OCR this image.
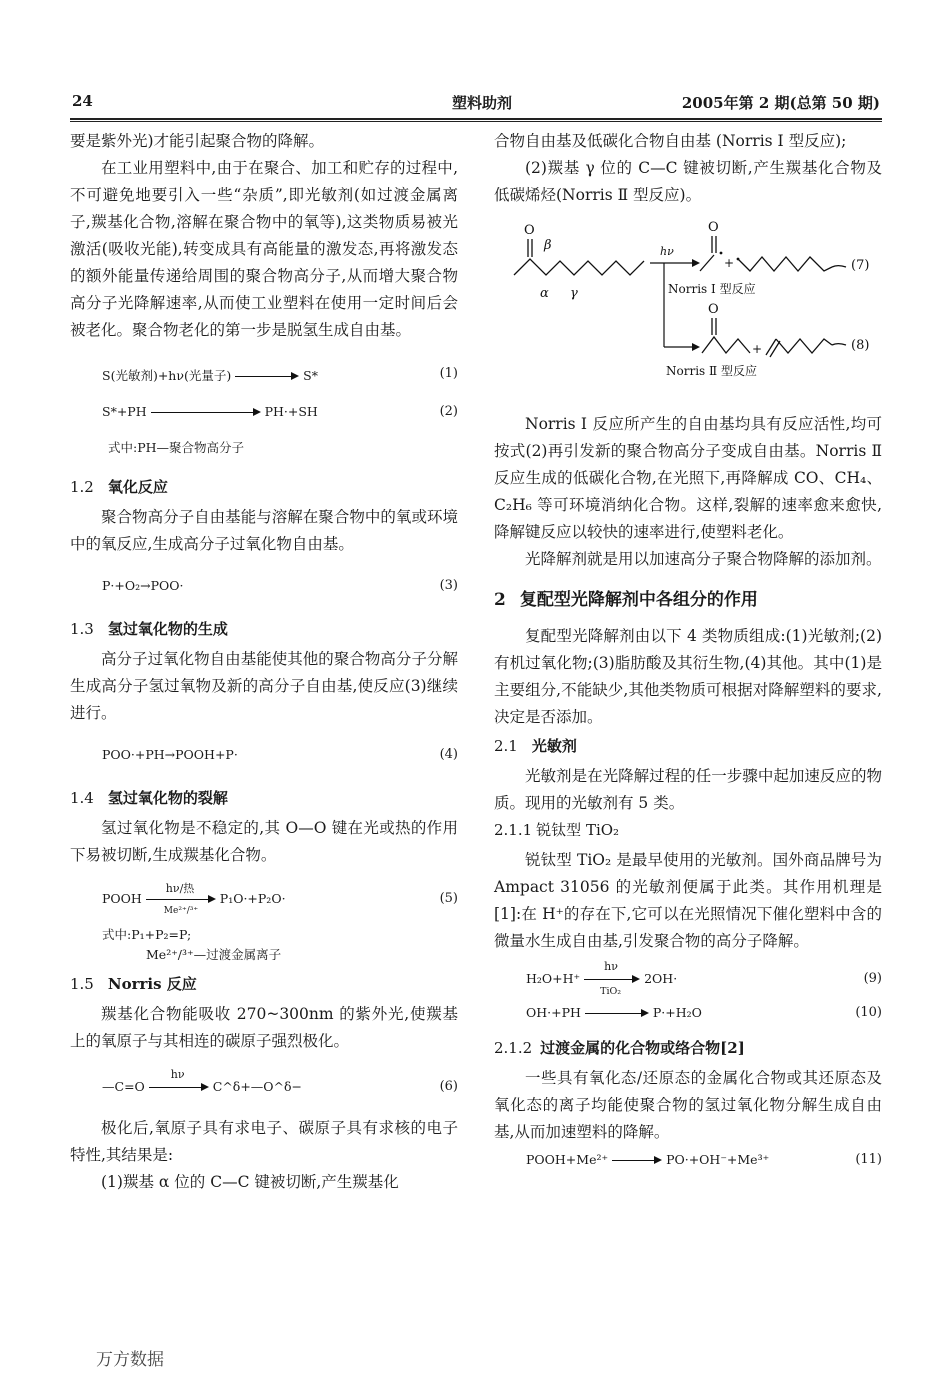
24	塑料助剂	2005年第 2 期(总第 50 期)

要是紫外光)才能引起聚合物的降解。

在工业用塑料中,由于在聚合、加工和贮存的过程中,不可避免地要引入一些“杂质”,即光敏剂(如过渡金属离子,羰基化合物,溶解在聚合物中的氧等),这类物质易被光激活(吸收光能),转变成具有高能量的激发态,再将激发态的额外能量传递给周围的聚合物高分子,从而增大聚合物高分子光降解速率,从而使工业塑料在使用一定时间后会被老化。聚合物老化的第一步是脱氢生成自由基。

S(光敏剂)+hν(光量子)	S*	(1)
S*+PH	PH·+SH	(2)
式中:PH—聚合物高分子
1.2 氧化反应

聚合物高分子自由基能与溶解在聚合物中的氧或环境中的氧反应,生成高分子过氧化物自由基。

P·+O₂→POO·	(3)
1.3 氢过氧化物的生成

高分子过氧化物自由基能使其他的聚合物高分子分解生成高分子氢过氧物及新的高分子自由基,使反应(3)继续进行。

POO·+PH→POOH+P·	(4)
1.4 氢过氧化物的裂解

氢过氧化物是不稳定的,其 O—O 键在光或热的作用下易被切断,生成羰基化合物。

POOH
hν/热
Me²⁺/³⁺
P₁O·+P₂O·	(5)
式中:P₁+P₂=P;
Me²⁺/³⁺—过渡金属离子
1.5 Norris 反应

羰基化合物能吸收 270~300nm 的紫外光,使羰基上的氧原子与其相连的碳原子强烈极化。

—C=O
hν
C^δ+—O^δ−	(6)

极化后,氧原子具有求电子、碳原子具有求核的电子特性,其结果是:

(1)羰基 α 位的 C—C 键被切断,产生羰基化

合物自由基及低碳化合物自由基 (Norris Ⅰ 型反应);

(2)羰基 γ 位的 C—C 键被切断,产生羰基化合物及低碳烯烃(Norris Ⅱ 型反应)。

O
β
α γ
hν
Norris Ⅰ 型反应
O
+	(7)
O
+	(8)
Norris Ⅱ 型反应

Norris Ⅰ 反应所产生的自由基均具有反应活性,均可按式(2)再引发新的聚合物高分子变成自由基。Norris Ⅱ 反应生成的低碳化合物,在光照下,再降解成 CO、CH₄、C₂H₆ 等可环境消纳化合物。这样,裂解的速率愈来愈快,降解键反应以较快的速率进行,使塑料老化。

光降解剂就是用以加速高分子聚合物降解的添加剂。

2 复配型光降解剂中各组分的作用

复配型光降解剂由以下 4 类物质组成:(1)光敏剂;(2)有机过氧化物;(3)脂肪酸及其衍生物,(4)其他。其中(1)是主要组分,不能缺少,其他类物质可根据对降解塑料的要求,决定是否添加。

2.1 光敏剂

光敏剂是在光降解过程的任一步骤中起加速反应的物质。现用的光敏剂有 5 类。

2.1.1 锐钛型 TiO₂

锐钛型 TiO₂ 是最早使用的光敏剂。国外商品牌号为 Ampact 31056 的光敏剂便属于此类。其作用机理是[1]:在 H⁺的存在下,它可以在光照情况下催化塑料中含的微量水生成自由基,引发聚合物的高分子降解。

H₂O+H⁺
hν
TiO₂
2OH·	(9)
OH·+PH	P·+H₂O	(10)
2.1.2 过渡金属的化合物或络合物[2]

一些具有氧化态/还原态的金属化合物或其还原态及氧化态的离子均能使聚合物的氢过氧化物分解生成自由基,从而加速塑料的降解。

POOH+Me²⁺	PO·+OH⁻+Me³⁺	(11)
万方数据
